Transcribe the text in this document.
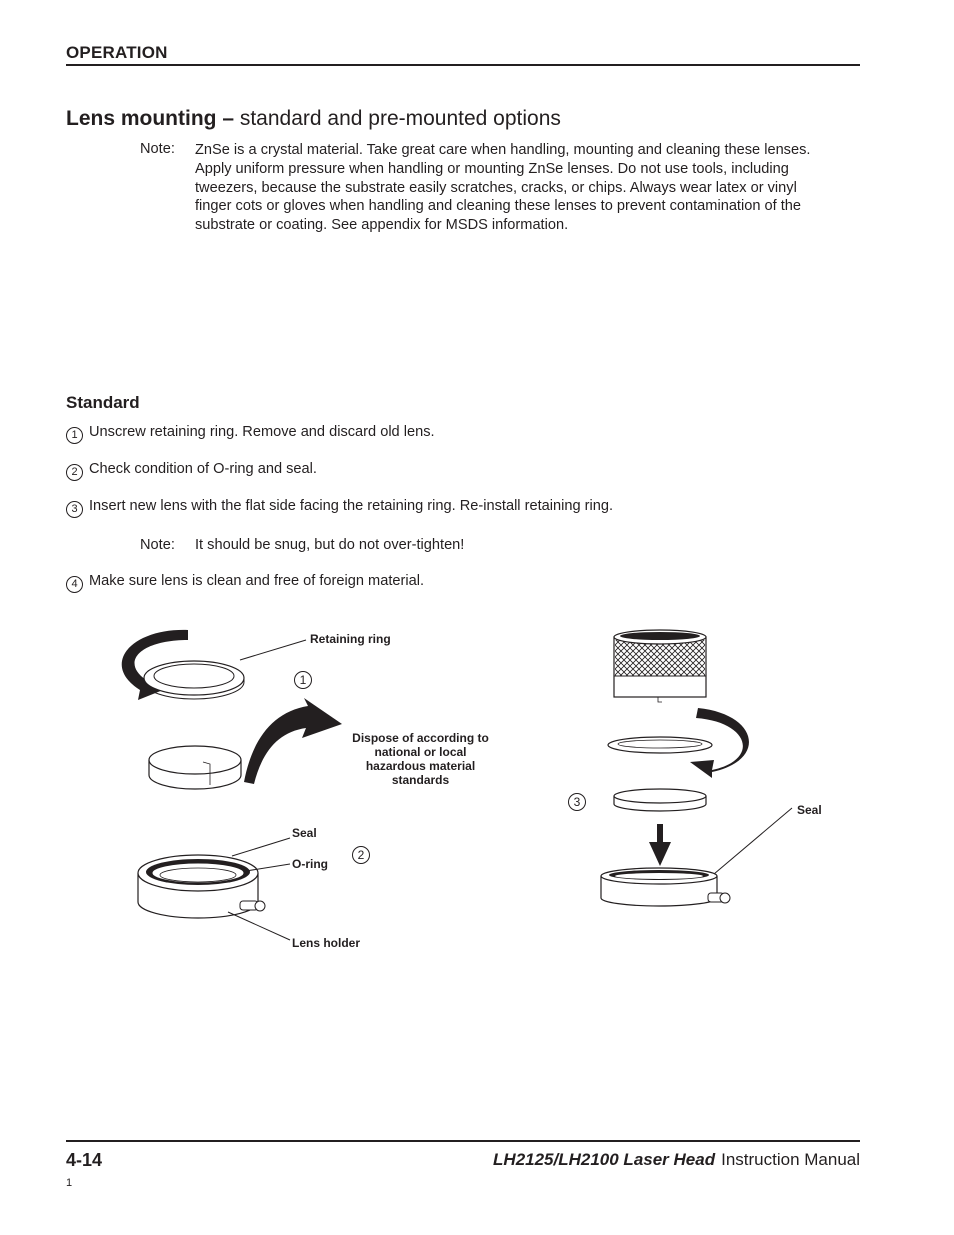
OPERATION
Lens mounting – standard and pre-mounted options
Note: ZnSe is a crystal material. Take great care when handling, mounting and cleaning these lenses. Apply uniform pressure when handling or mounting ZnSe lenses. Do not use tools, including tweezers, because the substrate easily scratches, cracks, or chips. Always wear latex or vinyl finger cots or gloves when handling and cleaning these lenses to prevent contamination of the substrate or coating. See appendix for MSDS information.
Standard
1 Unscrew retaining ring. Remove and discard old lens.
2 Check condition of O-ring and seal.
3 Insert new lens with the flat side facing the retaining ring. Re-install retaining ring.
Note: It should be snug, but do not over-tighten!
4 Make sure lens is clean and free of foreign material.
Retaining ring
Dispose of according to national or local hazardous material standards
Seal
O-ring
Lens holder
Seal
1
2
3
4-14	LH2125/LH2100 Laser Head Instruction Manual
1
